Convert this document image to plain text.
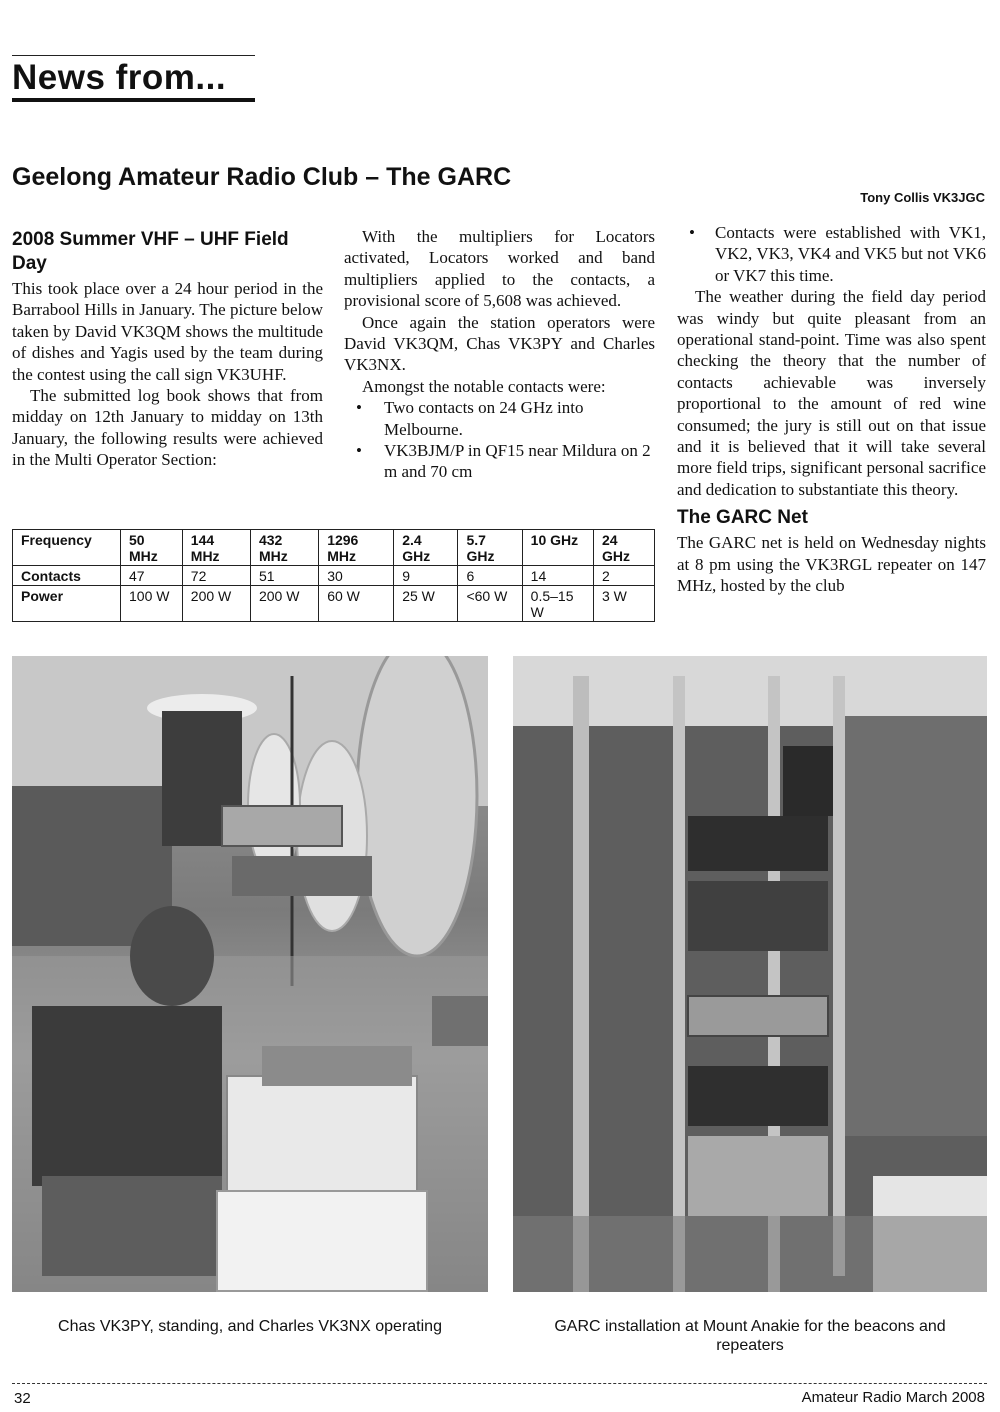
News from...
Geelong Amateur Radio Club – The GARC
Tony Collis VK3JGC
2008 Summer VHF – UHF Field Day

This took place over a 24 hour period in the Barrabool Hills in January. The picture below taken by David VK3QM shows the multitude of dishes and Yagis used by the team during the contest using the call sign VK3UHF.

The submitted log book shows that from midday on 12th January to midday on 13th January, the following results were achieved in the Multi Operator Section:

With the multipliers for Locators activated, Locators worked and band multipliers applied to the contacts, a provisional score of 5,608 was achieved.

Once again the station operators were David VK3QM, Chas VK3PY and Charles VK3NX.

Amongst the notable contacts were:

• Two contacts on 24 GHz into Melbourne.
• VK3BJM/P in QF15 near Mildura on 2 m and 70 cm
• Contacts were established with VK1, VK2, VK3, VK4 and VK5 but not VK6 or VK7 this time.

The weather during the field day period was windy but quite pleasant from an operational stand-point. Time was also spent checking the theory that the number of contacts achievable was inversely proportional to the amount of red wine consumed; the jury is still out on that issue and it is believed that it will take several more field trips, significant personal sacrifice and dedication to substantiate this theory.

The GARC Net

The GARC net is held on Wednesday nights at 8 pm using the VK3RGL repeater on 147 MHz, hosted by the club

Frequency	50 MHz	144 MHz	432 MHz	1296 MHz	2.4 GHz	5.7 GHz	10 GHz	24 GHz
Contacts	47	72	51	30	9	6	14	2
Power	100 W	200 W	200 W	60 W	25 W	<60 W	0.5–15 W	3 W
Chas VK3PY, standing, and Charles VK3NX operating	GARC installation at Mount Anakie for the beacons and repeaters
32	Amateur Radio March 2008
